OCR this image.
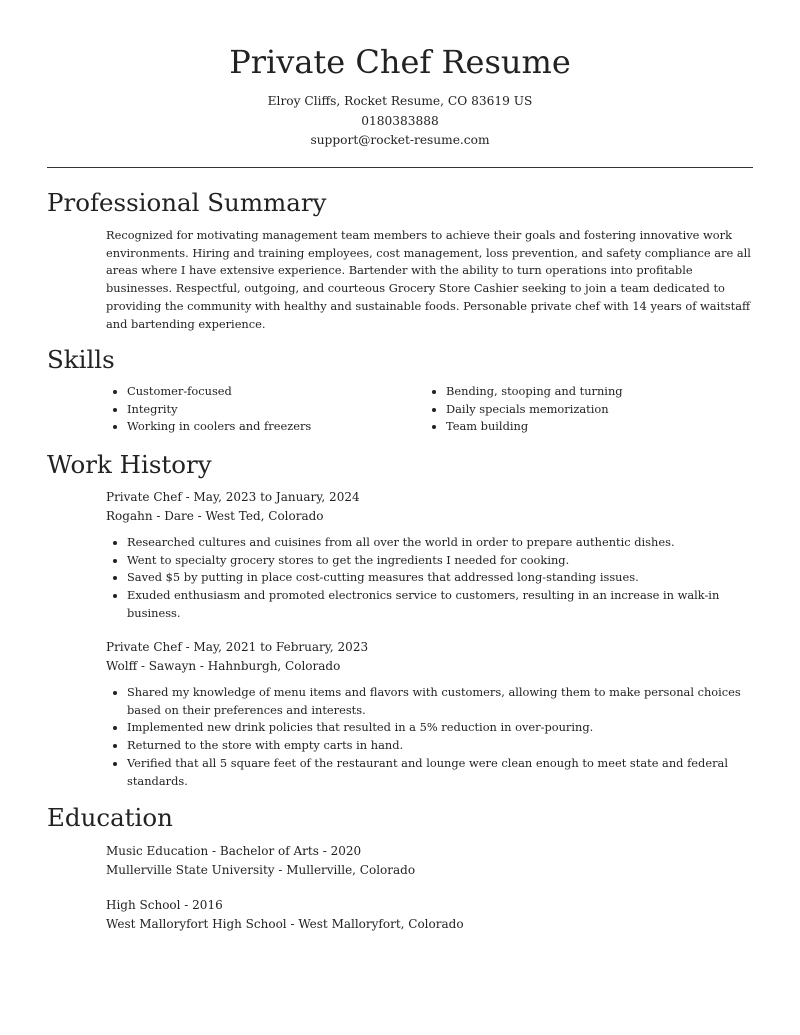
Private Chef Resume
Elroy Cliffs, Rocket Resume, CO 83619 US
0180383888
support@rocket-resume.com
Professional Summary
Recognized for motivating management team members to achieve their goals and fostering innovative work environments. Hiring and training employees, cost management, loss prevention, and safety compliance are all areas where I have extensive experience. Bartender with the ability to turn operations into profitable businesses. Respectful, outgoing, and courteous Grocery Store Cashier seeking to join a team dedicated to providing the community with healthy and sustainable foods. Personable private chef with 14 years of waitstaff and bartending experience.
Skills
• Customer-focused
• Integrity
• Working in coolers and freezers
• Bending, stooping and turning
• Daily specials memorization
• Team building
Work History
Private Chef - May, 2023 to January, 2024
Rogahn - Dare - West Ted, Colorado
• Researched cultures and cuisines from all over the world in order to prepare authentic dishes.
• Went to specialty grocery stores to get the ingredients I needed for cooking.
• Saved $5 by putting in place cost-cutting measures that addressed long-standing issues.
• Exuded enthusiasm and promoted electronics service to customers, resulting in an increase in walk-in business.
Private Chef - May, 2021 to February, 2023
Wolff - Sawayn - Hahnburgh, Colorado
• Shared my knowledge of menu items and flavors with customers, allowing them to make personal choices based on their preferences and interests.
• Implemented new drink policies that resulted in a 5% reduction in over-pouring.
• Returned to the store with empty carts in hand.
• Verified that all 5 square feet of the restaurant and lounge were clean enough to meet state and federal standards.
Education
Music Education - Bachelor of Arts - 2020
Mullerville State University - Mullerville, Colorado
High School - 2016
West Malloryfort High School - West Malloryfort, Colorado
